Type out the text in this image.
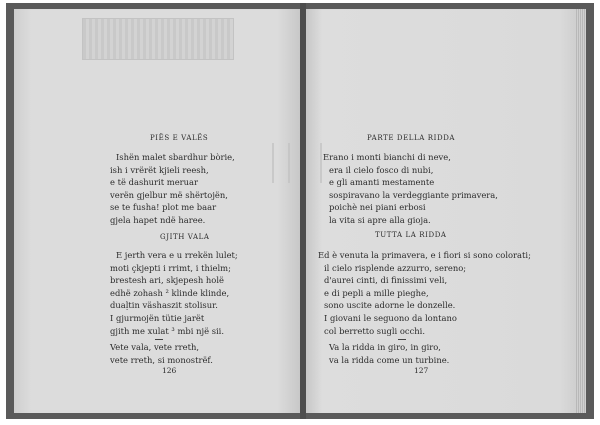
PIËS E VALËS
Ishën malet sbardhur bòrie,
ish i vrërët kjieli reesh,
e të dashurit meruar
verën gjelbur më shërtojën,
se te fusha! plot me baar
gjela hapet ndë haree.
GJITH VALA
E jerth vera e u rrekën lulet;
moti çkjepti i rrimt, i thielm;
brestesh ari, skjepesh holë
edhë zohash ² klinde klinde,
duaḷtin väshaszit stolisur.
I gjurmojën tütie jarët
gjith me xulat ³ mbi një sii.
Vete vala, vete rreth,
vete rreth, si monostrëf.
126
PARTE DELLA RIDDA
Erano i monti bianchi di neve,
era il cielo fosco di nubi,
e gli amanti mestamente
sospiravano la verdeggiante primavera,
poichè nei piani erbosi
la vita si apre alla gioja.
TUTTA LA RIDDA
Ed è venuta la primavera, e i fiori si sono colorati;
il cielo risplende azzurro, sereno;
d'aurei cinti, di finissimi veli,
e di pepli a mille pieghe,
sono uscite adorne le donzelle.
I giovani le seguono da lontano
col berretto sugli occhi.
Va la ridda in giro, in giro,
va la ridda come un turbine.
127
